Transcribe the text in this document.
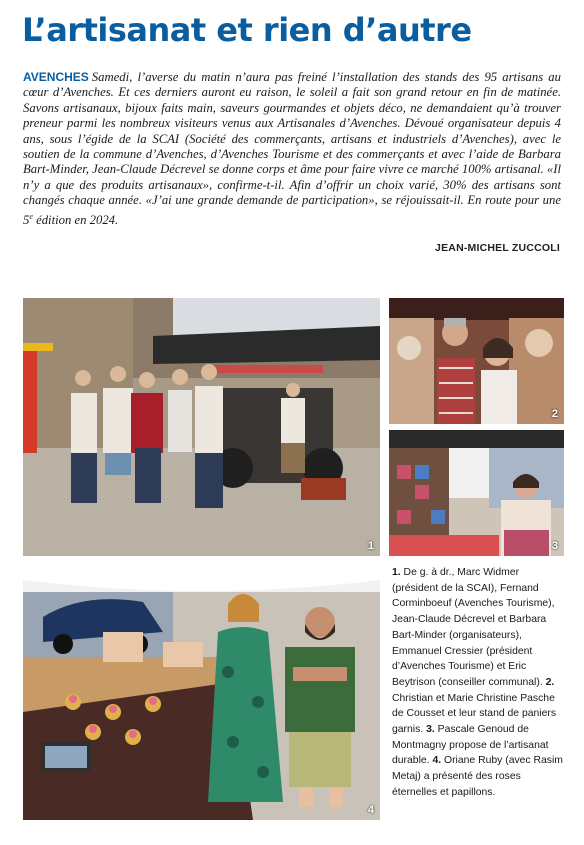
L’artisanat et rien d’autre
AVENCHES Samedi, l’averse du matin n’aura pas freiné l’installation des stands des 95 artisans au cœur d’Avenches. Et ces derniers auront eu raison, le soleil a fait son grand retour en fin de matinée. Savons artisanaux, bijoux faits main, saveurs gourmandes et objets déco, ne demandaient qu’à trouver preneur parmi les nombreux visiteurs venus aux Artisanales d’Avenches. Dévoué organisateur depuis 4 ans, sous l’égide de la SCAI (Société des commerçants, artisans et industriels d’Avenches), avec le soutien de la commune d’Avenches, d’Avenches Tourisme et des commerçants et avec l’aide de Barbara Bart-Minder, Jean-Claude Décrevel se donne corps et âme pour faire vivre ce marché 100% artisanal. «Il n’y a que des produits artisanaux», confirme-t-il. Afin d’offrir un choix varié, 30% des artisans sont changés chaque année. «J’ai une grande demande de participation», se réjouissait-il. En route pour une 5e édition en 2024.
JEAN-MICHEL ZUCCOLI
1
2
3
4
1. De g. à dr., Marc Widmer (président de la SCAI), Fernand Corminboeuf (Avenches Tourisme), Jean-Claude Décrevel et Barbara Bart-Minder (organisateurs), Emmanuel Cressier (président d’Avenches Tourisme) et Eric Beytrison (conseiller communal). 2. Christian et Marie Christine Pasche de Cousset et leur stand de paniers garnis. 3. Pascale Genoud de Montmagny propose de l’artisanat durable. 4. Oriane Ruby (avec Rasim Metaj) a présenté des roses éternelles et papillons.
